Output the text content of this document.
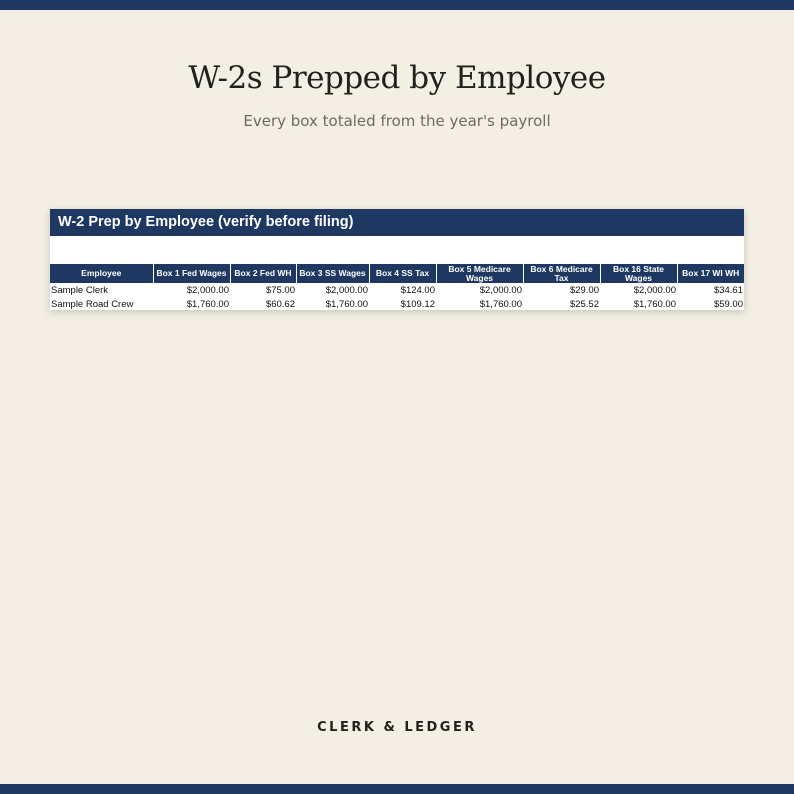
W-2s Prepped by Employee
Every box totaled from the year's payroll
W-2 Prep by Employee (verify before filing)
Employee	Box 1 Fed Wages	Box 2 Fed WH	Box 3 SS Wages	Box 4 SS Tax	Box 5 Medicare Wages	Box 6 Medicare Tax	Box 16 State Wages	Box 17 WI WH
Sample Clerk	$2,000.00	$75.00	$2,000.00	$124.00	$2,000.00	$29.00	$2,000.00	$34.61
Sample Road Crew	$1,760.00	$60.62	$1,760.00	$109.12	$1,760.00	$25.52	$1,760.00	$59.00
CLERK & LEDGER
